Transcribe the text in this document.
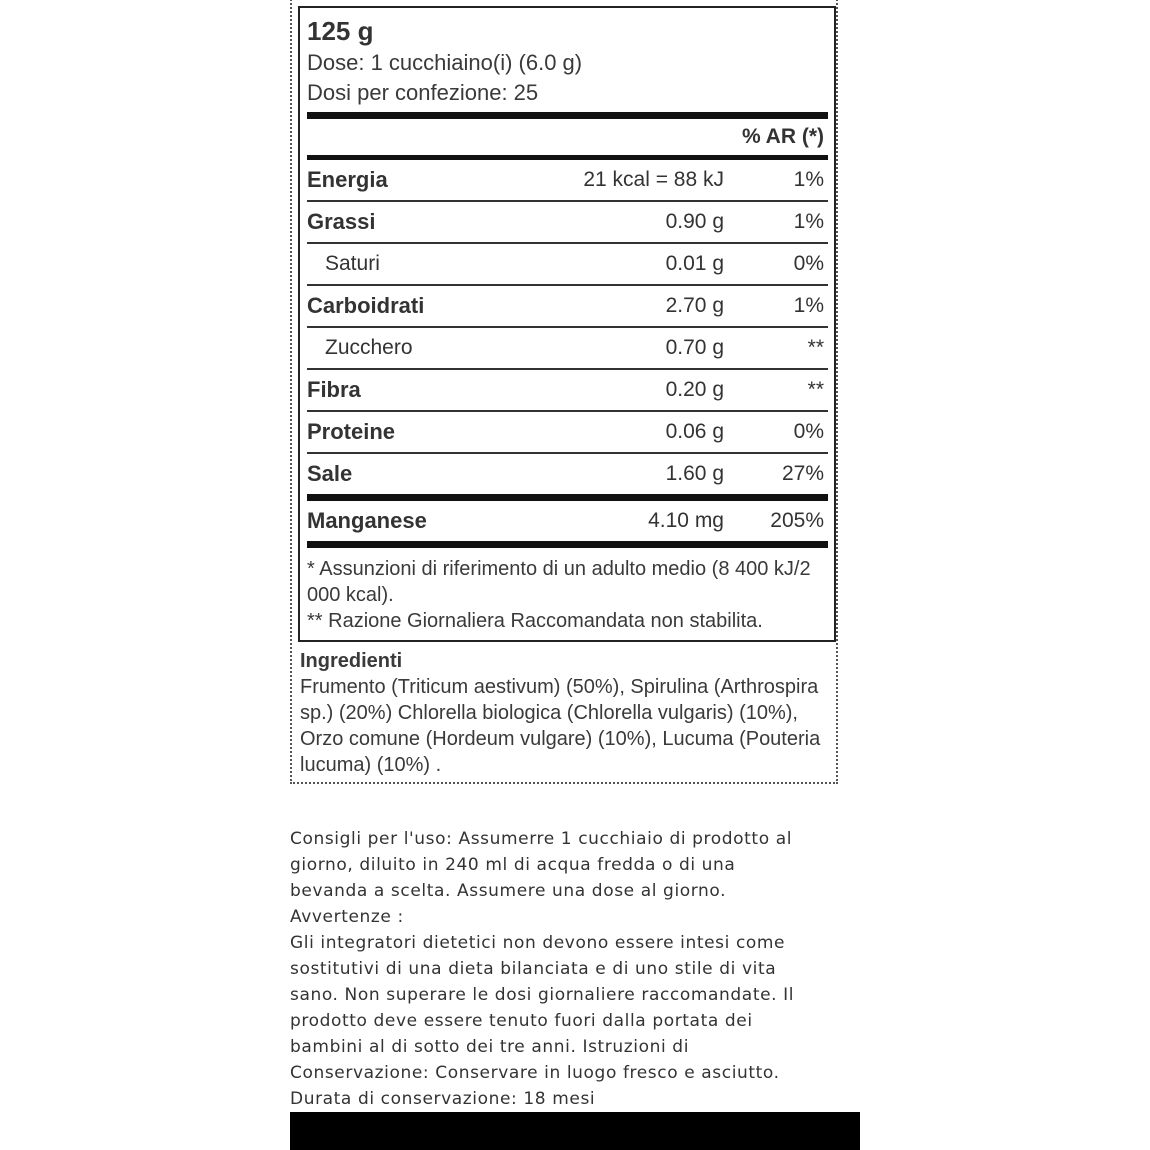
125 g
Dose: 1 cucchiaino(i) (6.0 g)
Dosi per confezione: 25
% AR (*)
Energia	21 kcal = 88 kJ	1%
Grassi	0.90 g	1%
Saturi	0.01 g	0%
Carboidrati	2.70 g	1%
Zucchero	0.70 g	**
Fibra	0.20 g	**
Proteine	0.06 g	0%
Sale	1.60 g	27%
Manganese	4.10 mg	205%
* Assunzioni di riferimento di un adulto medio (8 400 kJ/2 000 kcal).
** Razione Giornaliera Raccomandata non stabilita.
Ingredienti
Frumento (Triticum aestivum) (50%), Spirulina (Arthrospira sp.) (20%) Chlorella biologica (Chlorella vulgaris) (10%), Orzo comune (Hordeum vulgare) (10%), Lucuma (Pouteria lucuma) (10%) .
Consigli per l'uso: Assumerre 1 cucchiaio di prodotto al
giorno, diluito in 240 ml di acqua fredda o di una
bevanda a scelta. Assumere una dose al giorno.
Avvertenze :
Gli integratori dietetici non devono essere intesi come
sostitutivi di una dieta bilanciata e di uno stile di vita
sano. Non superare le dosi giornaliere raccomandate. Il
prodotto deve essere tenuto fuori dalla portata dei
bambini al di sotto dei tre anni. Istruzioni di
Conservazione: Conservare in luogo fresco e asciutto.
Durata di conservazione: 18 mesi
